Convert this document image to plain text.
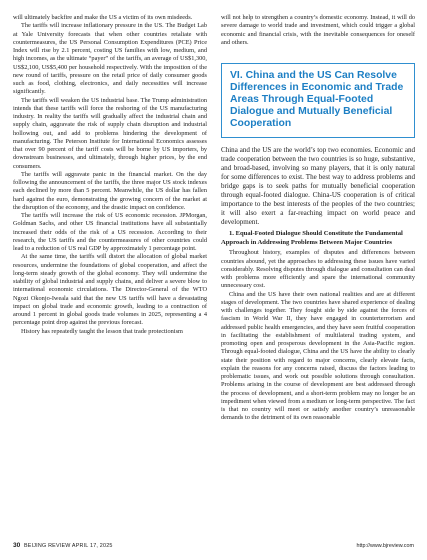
will ultimately backfire and make the US a victim of its own misdeeds.

The tariffs will increase inflationary pressure in the US. The Budget Lab at Yale University forecasts that when other countries retaliate with countermeasures, the US Personal Consumption Expenditures (PCE) Price Index will rise by 2.1 percent, costing US families with low, medium, and high incomes, as the ultimate “payer” of the tariffs, an average of US$1,300, US$2,100, US$5,400 per household respectively. With the imposition of the new round of tariffs, pressure on the retail price of daily consumer goods such as food, clothing, electronics, and daily necessities will increase significantly.

The tariffs will weaken the US industrial base. The Trump administration intends that these tariffs will force the reshoring of the US manufacturing industry. In reality the tariffs will gradually affect the industrial chain and supply chain, aggravate the risk of supply chain disruption and industrial hollowing out, and add to problems hindering the development of manufacturing. The Peterson Institute for International Economics assesses that over 90 percent of the tariff costs will be borne by US importers, by downstream businesses, and ultimately, through higher prices, by the end consumers.

The tariffs will aggravate panic in the financial market. On the day following the announcement of the tariffs, the three major US stock indexes each declined by more than 5 percent. Meanwhile, the US dollar has fallen hard against the euro, demonstrating the growing concern of the market at the disruption of the economy, and the drastic impact on confidence.

The tariffs will increase the risk of US economic recession. JPMorgan, Goldman Sachs, and other US financial institutions have all substantially increased their odds of the risk of a US recession. According to their research, the US tariffs and the countermeasures of other countries could lead to a reduction of US real GDP by approximately 1 percentage point.

At the same time, the tariffs will distort the allocation of global market resources, undermine the foundations of global cooperation, and affect the long-term steady growth of the global economy. They will undermine the stability of global industrial and supply chains, and deliver a severe blow to international economic circulations. The Director-General of the WTO Ngozi Okonjo-Iweala said that the new US tariffs will have a devastating impact on global trade and economic growth, leading to a contraction of around 1 percent in global goods trade volumes in 2025, representing a 4 percentage point drop against the previous forecast.

History has repeatedly taught the lesson that trade protectionism

will not help to strengthen a country’s domestic economy. Instead, it will do severe damage to world trade and investment, which could trigger a global economic and financial crisis, with the inevitable consequences for oneself and others.

VI. China and the US Can Resolve Differences in Economic and Trade Areas Through Equal-Footed Dialogue and Mutually Beneficial Cooperation

China and the US are the world’s top two economies. Economic and trade cooperation between the two countries is so huge, substantive, and broad-based, involving so many players, that it is only natural for some differences to exist. The best way to address problems and bridge gaps is to seek paths for mutually beneficial cooperation through equal-footed dialogue. China-US cooperation is of critical importance to the best interests of the peoples of the two countries; it will also exert a far-reaching impact on world peace and development.

1. Equal-Footed Dialogue Should Constitute the Fundamental Approach in Addressing Problems Between Major Countries

Throughout history, examples of disputes and differences between countries abound, yet the approaches to addressing these issues have varied considerably. Resolving disputes through dialogue and consultation can deal with problems more efficiently and spare the international community unnecessary cost.

China and the US have their own national realities and are at different stages of development. The two countries have shared experience of dealing with challenges together. They fought side by side against the forces of fascism in World War II, they have engaged in counterterrorism and addressed public health emergencies, and they have seen fruitful cooperation in facilitating the establishment of multilateral trading system, and promoting open and prosperous development in the Asia-Pacific region. Through equal-footed dialogue, China and the US have the ability to clearly state their position with regard to major concerns, clearly elevate facts, explain the reasons for any concerns raised, discuss the factors leading to problematic issues, and work out possible solutions through consultation. Problems arising in the course of development are best addressed through the process of development, and a short-term problem may no longer be an impediment when viewed from a medium or long-term perspective. The fact is that no country will meet or satisfy another country’s unreasonable demands to the detriment of its own reasonable

30 BEIJING REVIEW APRIL 17, 2025	http://www.bjreview.com
